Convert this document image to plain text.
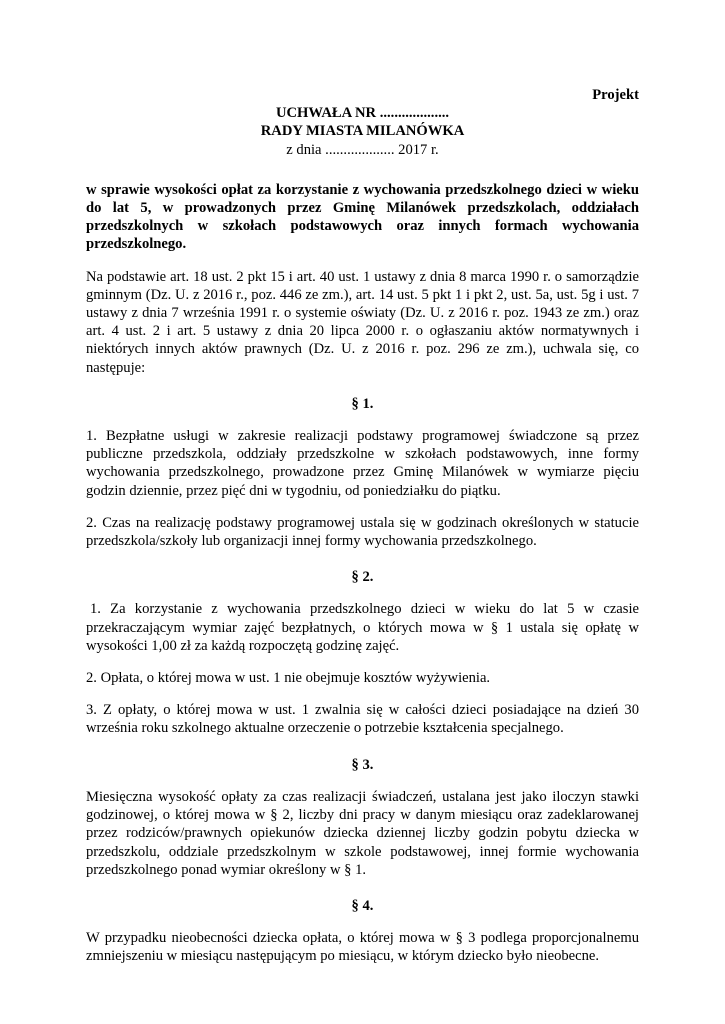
Projekt

UCHWAŁA NR ...................

RADY MIASTA MILANÓWKA

z dnia ................... 2017 r.

w sprawie wysokości opłat za korzystanie z wychowania przedszkolnego dzieci w wieku do lat 5, w prowadzonych przez Gminę Milanówek przedszkolach, oddziałach przedszkolnych w szkołach podstawowych oraz innych formach wychowania przedszkolnego.

Na podstawie art. 18 ust. 2 pkt 15 i art. 40 ust. 1 ustawy z dnia 8 marca 1990 r. o samorządzie gminnym (Dz. U. z 2016 r., poz. 446 ze zm.), art. 14 ust. 5 pkt 1 i pkt 2, ust. 5a, ust. 5g i ust. 7 ustawy z dnia 7 września 1991 r. o systemie oświaty (Dz. U. z 2016 r. poz. 1943 ze zm.) oraz art. 4 ust. 2 i art. 5 ustawy z dnia 20 lipca 2000 r. o ogłaszaniu aktów normatywnych i niektórych innych aktów prawnych (Dz. U. z 2016 r. poz. 296 ze zm.), uchwala się, co następuje:

§ 1.

1. Bezpłatne usługi w zakresie realizacji podstawy programowej świadczone są przez publiczne przedszkola, oddziały przedszkolne w szkołach podstawowych, inne formy wychowania przedszkolnego, prowadzone przez Gminę Milanówek w wymiarze pięciu godzin dziennie, przez pięć dni w tygodniu, od poniedziałku do piątku.

2. Czas na realizację podstawy programowej ustala się w godzinach określonych w statucie przedszkola/szkoły lub organizacji innej formy wychowania przedszkolnego.

§ 2.

1. Za korzystanie z wychowania przedszkolnego dzieci w wieku do lat 5 w czasie przekraczającym wymiar zajęć bezpłatnych, o których mowa w § 1 ustala się opłatę w wysokości 1,00 zł za każdą rozpoczętą godzinę zajęć.

2. Opłata, o której mowa w ust. 1 nie obejmuje kosztów wyżywienia.

3. Z opłaty, o której mowa w ust. 1 zwalnia się w całości dzieci posiadające na dzień 30 września roku szkolnego aktualne orzeczenie o potrzebie kształcenia specjalnego.

§ 3.

Miesięczna wysokość opłaty za czas realizacji świadczeń, ustalana jest jako iloczyn stawki godzinowej, o której mowa w § 2, liczby dni pracy w danym miesiącu oraz zadeklarowanej przez rodziców/prawnych opiekunów dziecka dziennej liczby godzin pobytu dziecka w przedszkolu, oddziale przedszkolnym w szkole podstawowej, innej formie wychowania przedszkolnego ponad wymiar określony w § 1.

§ 4.

W przypadku nieobecności dziecka opłata, o której mowa w § 3 podlega proporcjonalnemu zmniejszeniu w miesiącu następującym po miesiącu, w którym dziecko było nieobecne.
